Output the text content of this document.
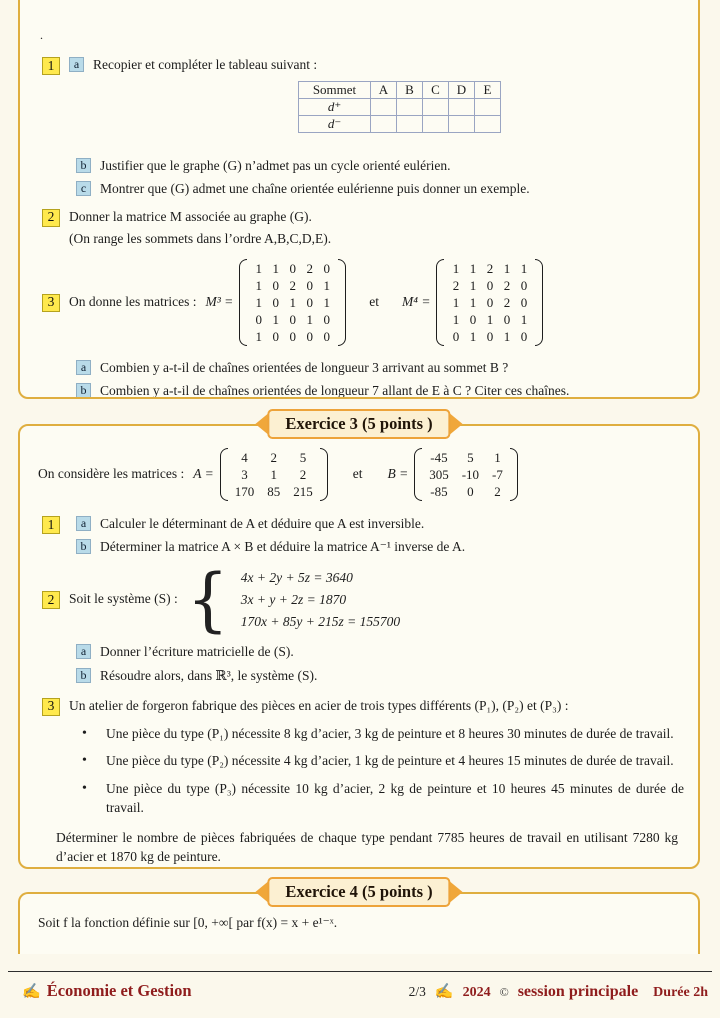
.
1	a	Recopier et compléter le tableau suivant :
Sommet	A	B	C	D	E
d⁺					
d⁻					
b	Justifier que le graphe (G) n’admet pas un cycle orienté eulérien.
c	Montrer que (G) admet une chaîne orientée eulérienne puis donner un exemple.
2	Donner la matrice M associée au graphe (G).
(On range les sommets dans l’ordre A,B,C,D,E).
3	On donne les matrices : M³ =
1 1 0 2 0
1 0 2 0 1
1 0 1 0 1
0 1 0 1 0
1 0 0 0 0
et M⁴ =
1 1 2 1 1
2 1 0 2 0
1 1 0 2 0
1 0 1 0 1
0 1 0 1 0
a	Combien y a-t-il de chaînes orientées de longueur 3 arrivant au sommet B ?
b	Combien y a-t-il de chaînes orientées de longueur 7 allant de E à C ? Citer ces chaînes.
Exercice 3 (5 points )
On considère les matrices : A =
4	2	5
3	1	2
170 85 215
et B =
-45	5	1
305 -10 -7
-85	0	2
1	a	Calculer le déterminant de A et déduire que A est inversible.
b	Déterminer la matrice A × B et déduire la matrice A⁻¹ inverse de A.
2	Soit le système (S) : { 4x + 2y + 5z = 3640
3x + y + 2z = 1870
170x + 85y + 215z = 155700
a	Donner l’écriture matricielle de (S).
b	Résoudre alors, dans ℝ³, le système (S).
3	Un atelier de forgeron fabrique des pièces en acier de trois types différents (P₁), (P₂) et (P₃) :
• Une pièce du type (P₁) nécessite 8 kg d’acier, 3 kg de peinture et 8 heures 30 minutes de durée de travail.
• Une pièce du type (P₂) nécessite 4 kg d’acier, 1 kg de peinture et 4 heures 15 minutes de durée de travail.
• Une pièce du type (P₃) nécessite 10 kg d’acier, 2 kg de peinture et 10 heures 45 minutes de durée de travail.
Déterminer le nombre de pièces fabriquées de chaque type pendant 7785 heures de travail en utilisant 7280 kg d’acier et 1870 kg de peinture.
Exercice 4 (5 points )
Soit f la fonction définie sur [0, +∞[ par f(x) = x + e¹⁻ˣ.
✍ Économie et Gestion	2/3 ✍ 2024 © session principale Durée 2h
